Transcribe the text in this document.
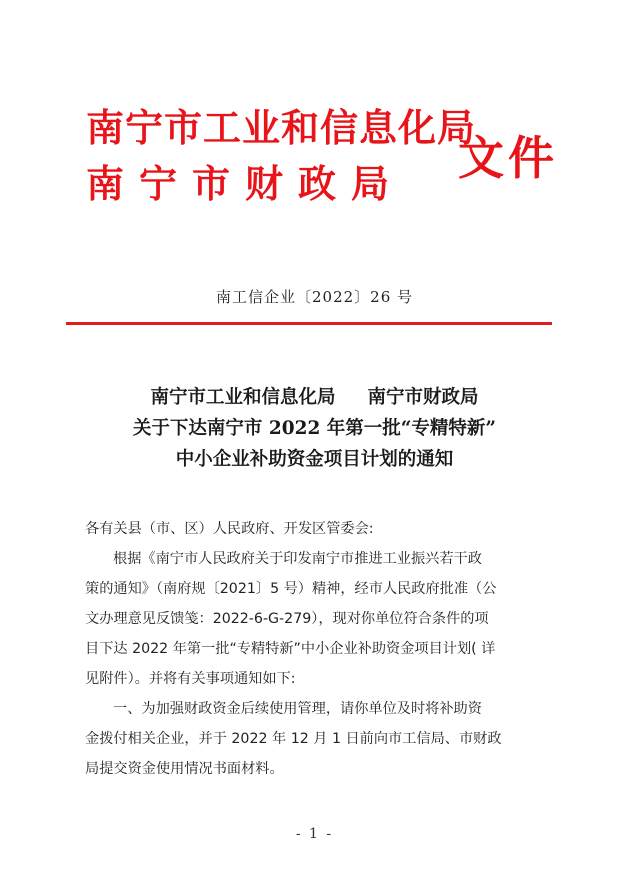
南宁市工业和信息化局
南宁市财政局	文件
南工信企业〔2022〕26 号
南宁市工业和信息化局 南宁市财政局
关于下达南宁市 2022 年第一批“专精特新”
中小企业补助资金项目计划的通知
各有关县（市、区）人民政府、开发区管委会:
根据《南宁市人民政府关于印发南宁市推进工业振兴若干政
策的通知》（南府规〔2021〕5 号）精神，经市人民政府批准（公
文办理意见反馈笺：2022-6-G-279），现对你单位符合条件的项
目下达 2022 年第一批“专精特新”中小企业补助资金项目计划( 详
见附件）。并将有关事项通知如下:
一、为加强财政资金后续使用管理，请你单位及时将补助资
金拨付相关企业，并于 2022 年 12 月 1 日前向市工信局、市财政
局提交资金使用情况书面材料。
- 1 -
